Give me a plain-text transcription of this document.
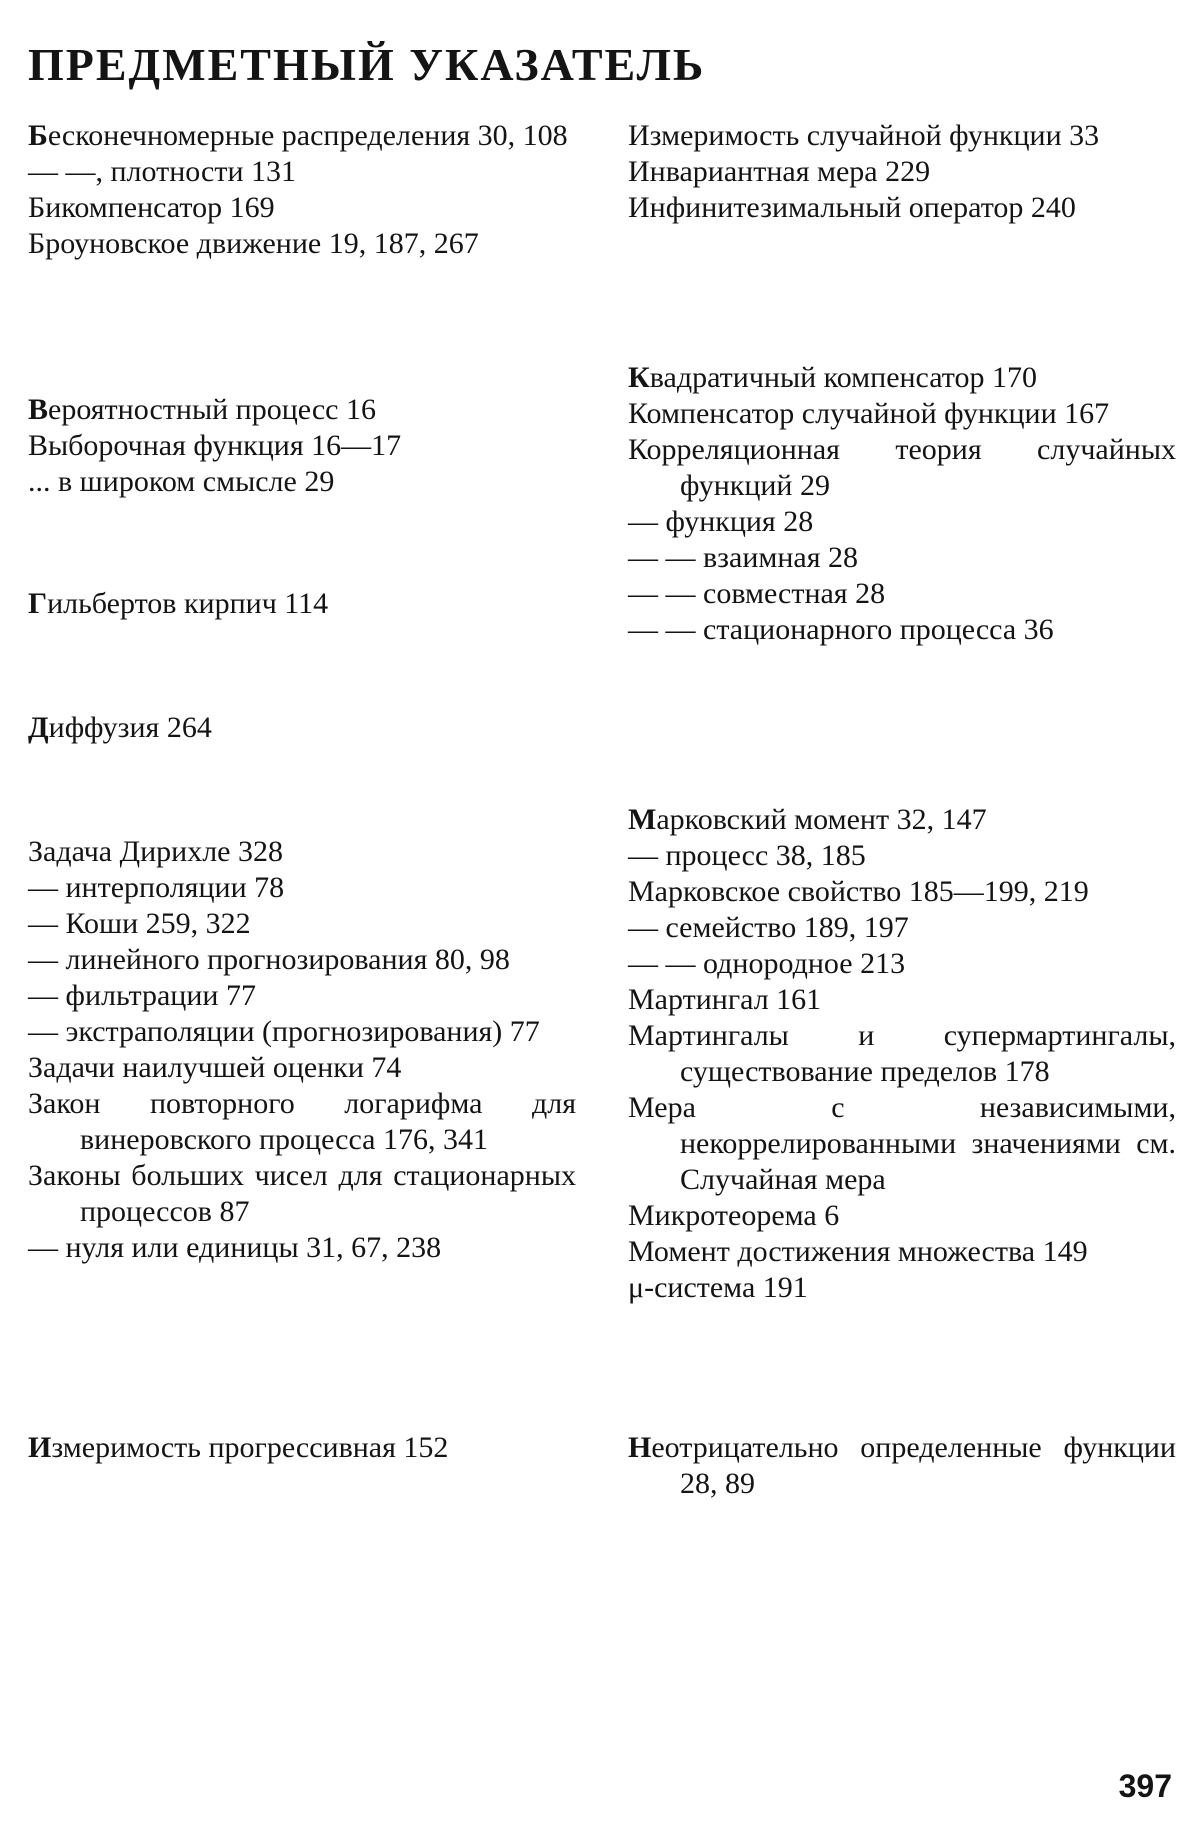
ПРЕДМЕТНЫЙ УКАЗАТЕЛЬ

Бесконечномерные распределения 30, 108

— —, плотности 131

Бикомпенсатор 169

Броуновское движение 19, 187, 267

Вероятностный процесс 16

Выборочная функция 16—17

... в широком смысле 29

Гильбертов кирпич 114

Диффузия 264

Задача Дирихле 328

— интерполяции 78

— Коши 259, 322

— линейного прогнозирования 80, 98

— фильтрации 77

— экстраполяции (прогнозирования) 77

Задачи наилучшей оценки 74

Закон повторного логарифма для винеровского процесса 176, 341

Законы больших чисел для стационарных процессов 87

— нуля или единицы 31, 67, 238

Измеримость прогрессивная 152

Измеримость случайной функции 33

Инвариантная мера 229

Инфинитезимальный оператор 240

Квадратичный компенсатор 170

Компенсатор случайной функции 167

Корреляционная теория случайных функций 29

— функция 28

— — взаимная 28

— — совместная 28

— — стационарного процесса 36

Марковский момент 32, 147

— процесс 38, 185

Марковское свойство 185—199, 219

— семейство 189, 197

— — однородное 213

Мартингал 161

Мартингалы и супермартингалы, существование пределов 178

Мера с независимыми, некоррелированными значениями см. Случайная мера

Микротеорема 6

Момент достижения множества 149

μ-система 191

Неотрицательно определенные функции 28, 89

397
